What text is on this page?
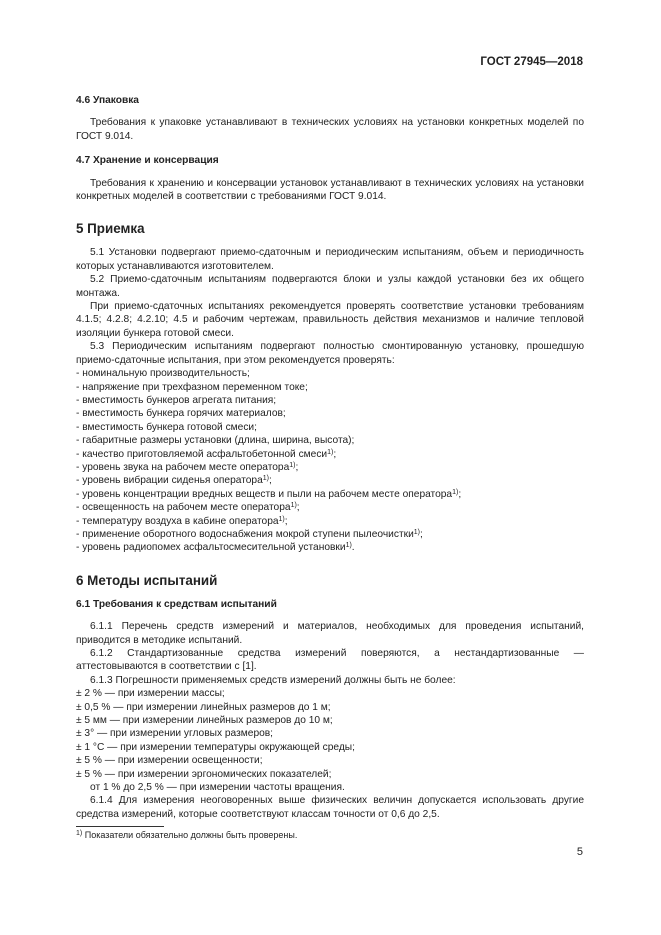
ГОСТ 27945—2018

4.6 Упаковка

Требования к упаковке устанавливают в технических условиях на установки конкретных моделей по ГОСТ 9.014.

4.7 Хранение и консервация

Требования к хранению и консервации установок устанавливают в технических условиях на установки конкретных моделей в соответствии с требованиями ГОСТ 9.014.

5 Приемка

5.1 Установки подвергают приемо-сдаточным и периодическим испытаниям, объем и периодичность которых устанавливаются изготовителем.

5.2 Приемо-сдаточным испытаниям подвергаются блоки и узлы каждой установки без их общего монтажа.

При приемо-сдаточных испытаниях рекомендуется проверять соответствие установки требованиям 4.1.5; 4.2.8; 4.2.10; 4.5 и рабочим чертежам, правильность действия механизмов и наличие тепловой изоляции бункера готовой смеси.

5.3 Периодическим испытаниям подвергают полностью смонтированную установку, прошедшую приемо-сдаточные испытания, при этом рекомендуется проверять:

- номинальную производительность;

- напряжение при трехфазном переменном токе;

- вместимость бункеров агрегата питания;

- вместимость бункера горячих материалов;

- вместимость бункера готовой смеси;

- габаритные размеры установки (длина, ширина, высота);

- качество приготовляемой асфальтобетонной смеси$^{1)}$;

- уровень звука на рабочем месте оператора$^{1)}$;

- уровень вибрации сиденья оператора$^{1)}$;

- уровень концентрации вредных веществ и пыли на рабочем месте оператора$^{1)}$;

- освещенность на рабочем месте оператора$^{1)}$;

- температуру воздуха в кабине оператора$^{1)}$;

- применение оборотного водоснабжения мокрой ступени пылеочистки$^{1)}$;

- уровень радиопомех асфальтосмесительной установки$^{1)}$.

6 Методы испытаний

6.1 Требования к средствам испытаний

6.1.1 Перечень средств измерений и материалов, необходимых для проведения испытаний, приводится в методике испытаний.

6.1.2 Стандартизованные средства измерений поверяются, а нестандартизованные — аттестовываются в соответствии с [1].

6.1.3 Погрешности применяемых средств измерений должны быть не более:

± 2 % — при измерении массы;

± 0,5 % — при измерении линейных размеров до 1 м;

± 5 мм — при измерении линейных размеров до 10 м;

± 3° — при измерении угловых размеров;

± 1 °С — при измерении температуры окружающей среды;

± 5 % — при измерении освещенности;

± 5 % — при измерении эргономических показателей;

от 1 % до 2,5 % — при измерении частоты вращения.

6.1.4 Для измерения неоговоренных выше физических величин допускается использовать другие средства измерений, которые соответствуют классам точности от 0,6 до 2,5.

$^{1)}$ Показатели обязательно должны быть проверены.
5
